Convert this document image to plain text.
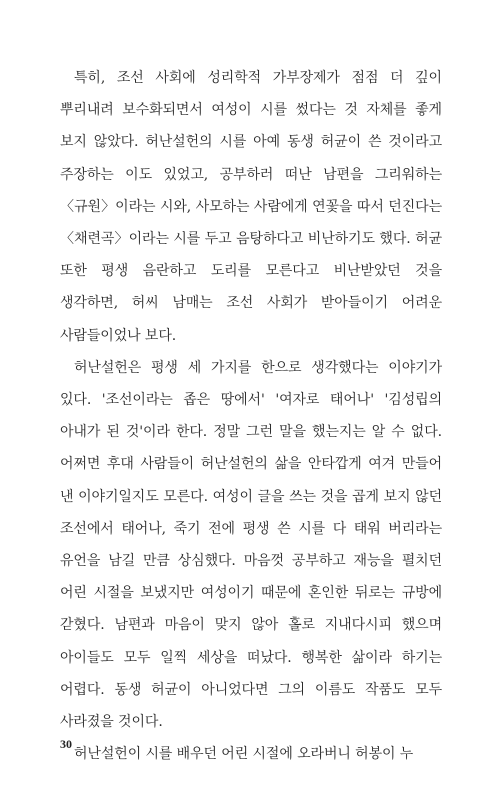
특히, 조선 사회에 성리학적 가부장제가 점점 더 깊이 뿌리내려 보수화되면서 여성이 시를 썼다는 것 자체를 좋게 보지 않았다. 허난설헌의 시를 아예 동생 허균이 쓴 것이라고 주장하는 이도 있었고, 공부하러 떠난 남편을 그리워하는〈규원〉이라는 시와, 사모하는 사람에게 연꽃을 따서 던진다는〈채련곡〉이라는 시를 두고 음탕하다고 비난하기도 했다. 허균 또한 평생 음란하고 도리를 모른다고 비난받았던 것을 생각하면, 허씨 남매는 조선 사회가 받아들이기 어려운 사람들이었나 보다.

허난설헌은 평생 세 가지를 한으로 생각했다는 이야기가 있다. '조선이라는 좁은 땅에서' '여자로 태어나' '김성립의 아내가 된 것'이라 한다. 정말 그런 말을 했는지는 알 수 없다. 어쩌면 후대 사람들이 허난설헌의 삶을 안타깝게 여겨 만들어 낸 이야기일지도 모른다. 여성이 글을 쓰는 것을 곱게 보지 않던 조선에서 태어나, 죽기 전에 평생 쓴 시를 다 태워 버리라는 유언을 남길 만큼 상심했다. 마음껏 공부하고 재능을 펼치던 어린 시절을 보냈지만 여성이기 때문에 혼인한 뒤로는 규방에 갇혔다. 남편과 마음이 맞지 않아 홀로 지내다시피 했으며 아이들도 모두 일찍 세상을 떠났다. 행복한 삶이라 하기는 어렵다. 동생 허균이 아니었다면 그의 이름도 작품도 모두 사라졌을 것이다.

허난설헌이 시를 배우던 어린 시절에 오라버니 허봉이 누

30
